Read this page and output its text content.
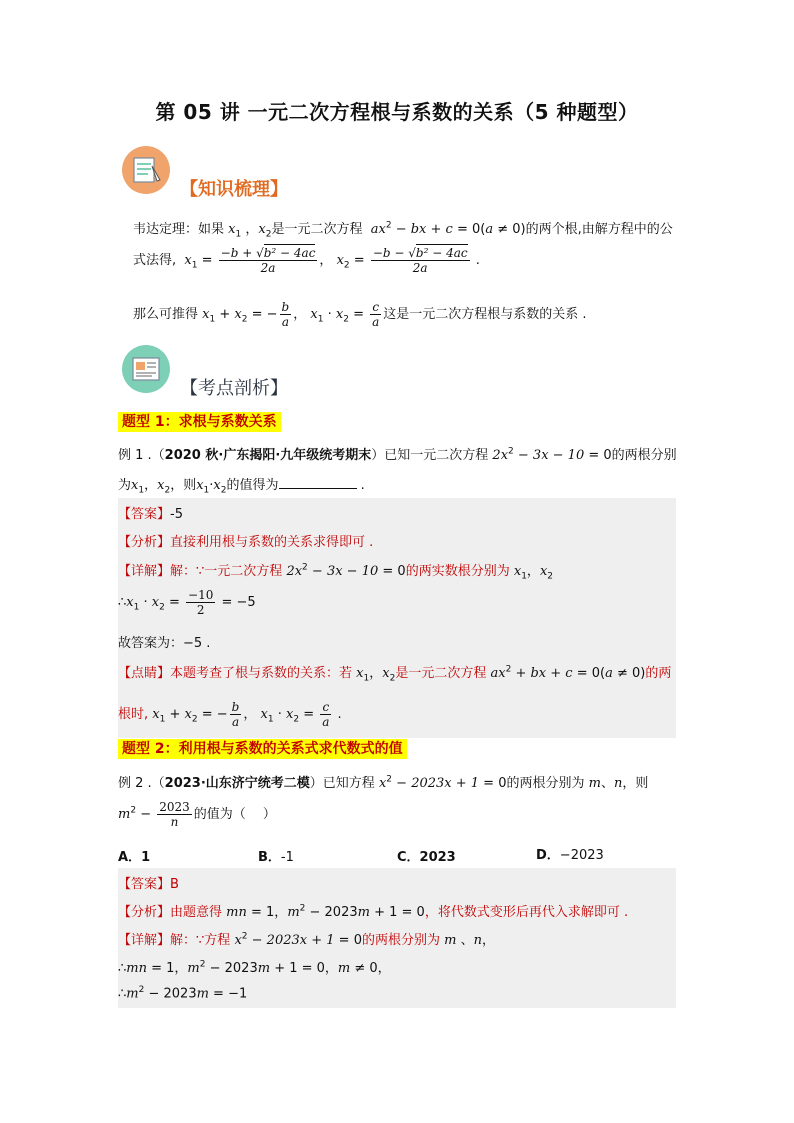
第 05 讲 一元二次方程根与系数的关系（5 种题型）
【知识梳理】
韦达定理：如果 $x_1$ ，$x_2$是一元二次方程 $ax^2$ − bx + c = 0(a ≠ 0)的两个根,由解方程中的公
式法得, $x_1 = \frac{\text{−b + √b² − 4ac}}{2a}$ ， $x_2 = \frac{\text{−b − √b² − 4ac}}{2a}$ .
那么可推得 $x_1 + x_2$ = − $\frac{b}{a}$ ， $x_1 \cdot x_2 = \frac{c}{a}$ 这是一元二次方程根与系数的关系 .
【考点剖析】
题型 1：求根与系数关系
例 1 .（2020 秋·广东揭阳·九年级统考期末）已知一元二次方程 $2x^2 - 3x - 10 = 0$的两根分别
为$x_1$，$x_2$，则$x_1\cdot x_2$的值得为	.
【答案】-5
【分析】直接利用根与系数的关系求得即可 .
【详解】解：∵一元二次方程 $2x^2 - 3x - 10 = 0$的两实数根分别为 $x_1$，$x_2$
$\therefore x_1 \cdot x_2 = \frac{-10}{2} = -5$
故答案为：−5 .
【点睛】本题考查了根与系数的关系：若 $x_1$，$x_2$是一元二次方程 $ax^2$ + bx + c = 0(a ≠ 0)的两
根时, $x_1 + x_2$ = − $\frac{b}{a}$ ， $x_1 \cdot x_2 = \frac{c}{a}$ .
题型 2：利用根与系数的关系式求代数式的值
例 2 .（2023·山东济宁统考二模）已知方程 $x^2 - 2023x + 1 = 0$的两根分别为 m、n，则
$m^2 - \frac{2023}{n}$ 的值为（　 ）
A．1	B．-1	C．2023	D．−2023
【答案】B
【分析】由题意得 mn = 1，$m^2 - 2023m + 1 = 0$，将代数式变形后再代入求解即可 .
【详解】解：∵方程 $x^2 - 2023x + 1 = 0$的两根分别为 m 、n，
∴mn = 1，$m^2 - 2023m + 1 = 0$，m ≠ 0，
$\therefore m^2 - 2023m = -1$
